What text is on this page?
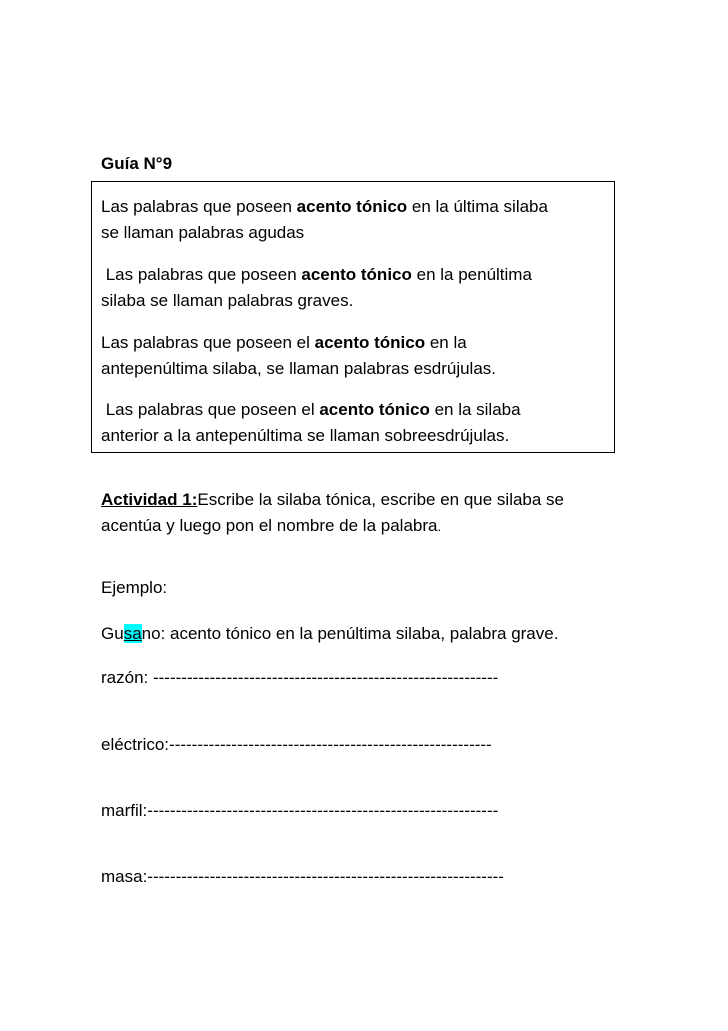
Guía N°9
Las palabras que poseen acento tónico en la última silaba
se llaman palabras agudas
Las palabras que poseen acento tónico en la penúltima
silaba se llaman palabras graves.
Las palabras que poseen el acento tónico en la
antepenúltima silaba, se llaman palabras esdrújulas.
Las palabras que poseen el acento tónico en la silaba
anterior a la antepenúltima se llaman sobreesdrújulas.
Actividad 1:Escribe la silaba tónica, escribe en que silaba se
acentúa y luego pon el nombre de la palabra.
Ejemplo:
Gusano: acento tónico en la penúltima silaba, palabra grave.
razón: -------------------------------------------------------------
eléctrico:---------------------------------------------------------
marfil:--------------------------------------------------------------
masa:---------------------------------------------------------------
